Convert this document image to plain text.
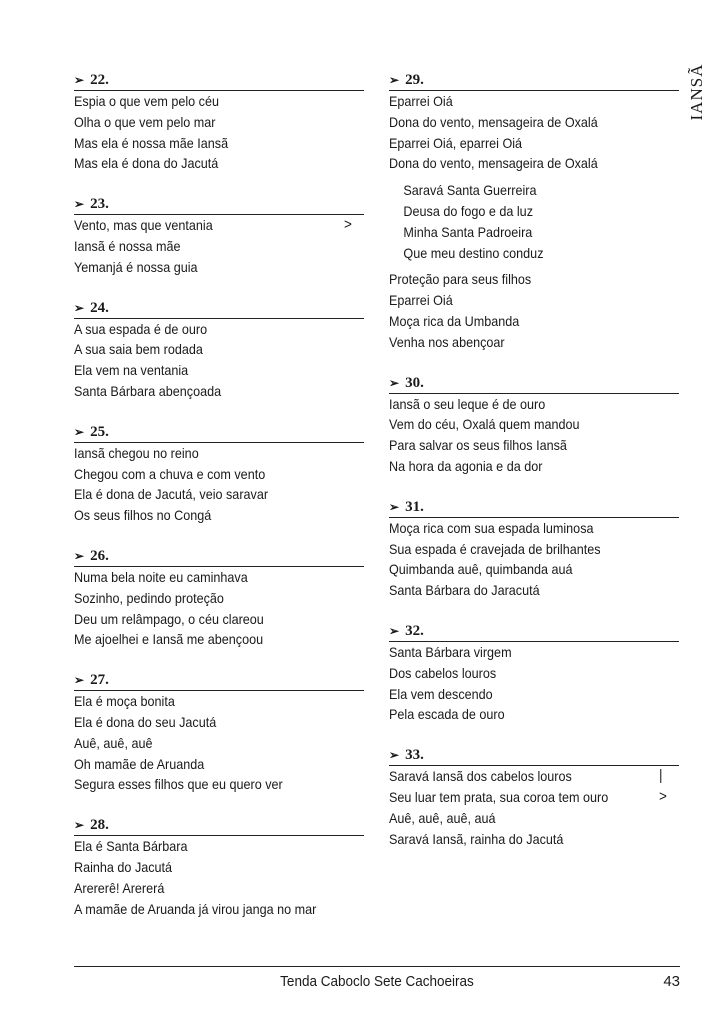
IANSÃ
➢ 22.
Espia o que vem pelo céu
Olha o que vem pelo mar
Mas ela é nossa mãe Iansã
Mas ela é dona do Jacutá
➢ 23.
Vento, mas que ventania	>
Iansã é nossa mãe
Yemanjá é nossa guia
➢ 24.
A sua espada é de ouro
A sua saia bem rodada
Ela vem na ventania
Santa Bárbara abençoada
➢ 25.
Iansã chegou no reino
Chegou com a chuva e com vento
Ela é dona de Jacutá, veio saravar
Os seus filhos no Congá
➢ 26.
Numa bela noite eu caminhava
Sozinho, pedindo proteção
Deu um relâmpago, o céu clareou
Me ajoelhei e Iansã me abençoou
➢ 27.
Ela é moça bonita
Ela é dona do seu Jacutá
Auê, auê, auê
Oh mamãe de Aruanda
Segura esses filhos que eu quero ver
➢ 28.
Ela é Santa Bárbara
Rainha do Jacutá
Arererê! Arererá
A mamãe de Aruanda já virou janga no mar
➢ 29.
Eparrei Oiá
Dona do vento, mensageira de Oxalá
Eparrei Oiá, eparrei Oiá
Dona do vento, mensageira de Oxalá
Saravá Santa Guerreira
Deusa do fogo e da luz
Minha Santa Padroeira
Que meu destino conduz
Proteção para seus filhos
Eparrei Oiá
Moça rica da Umbanda
Venha nos abençoar
➢ 30.
Iansã o seu leque é de ouro
Vem do céu, Oxalá quem mandou
Para salvar os seus filhos Iansã
Na hora da agonia e da dor
➢ 31.
Moça rica com sua espada luminosa
Sua espada é cravejada de brilhantes
Quimbanda auê, quimbanda auá
Santa Bárbara do Jaracutá
➢ 32.
Santa Bárbara virgem
Dos cabelos louros
Ela vem descendo
Pela escada de ouro
➢ 33.
Saravá Iansã dos cabelos louros	|
Seu luar tem prata, sua coroa tem ouro	>
Auê, auê, auê, auá
Saravá Iansã, rainha do Jacutá
Tenda Caboclo Sete Cachoeiras	43
